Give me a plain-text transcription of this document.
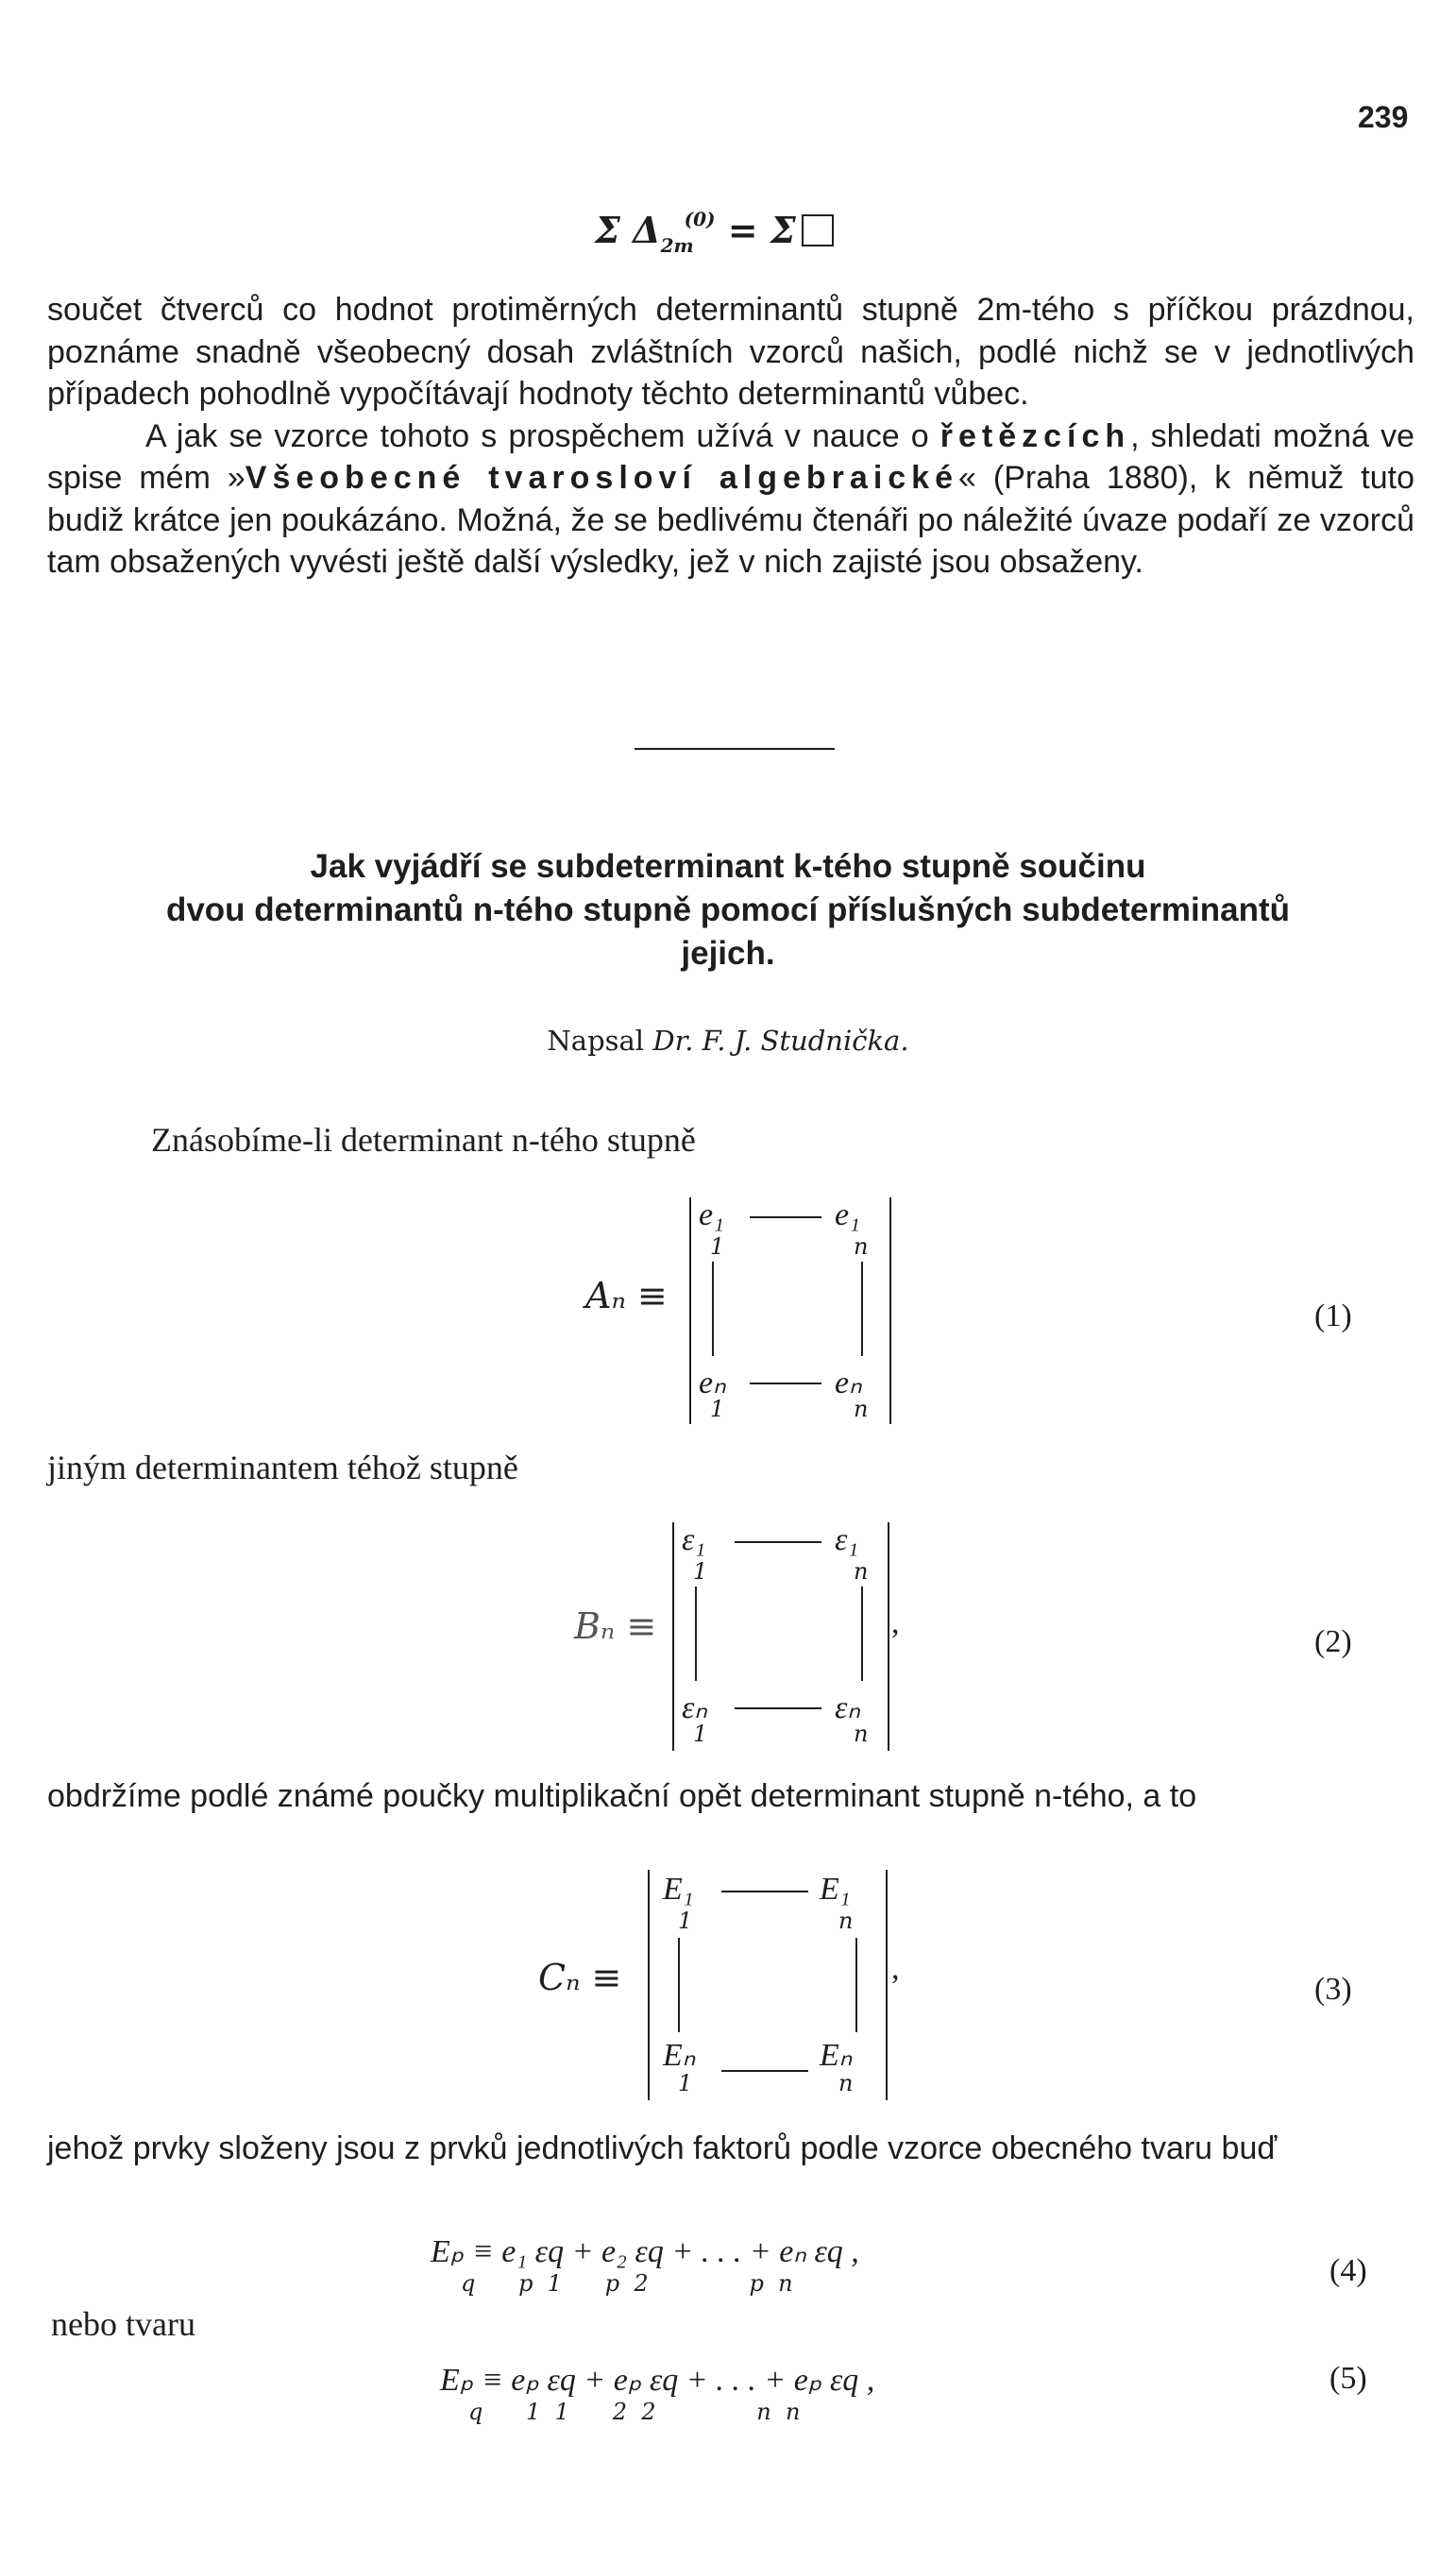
239
Σ $\Delta_{2m}^{(0)} = \Sigma$

součet čtverců co hodnot protiměrných determinantů stupně 2m-tého s příčkou prázdnou, poznáme snadně všeobecný dosah zvláštních vzorců našich, podlé nichž se v jednotlivých případech pohodlně vypočítávají hodnoty těchto determinantů vůbec.

A jak se vzorce tohoto s prospěchem užívá v nauce o řetězcích, shledati možná ve spise mém »Všeobecné tvarosloví algebraické« (Praha 1880), k němuž tuto budiž krátce jen poukázáno. Možná, že se bedlivému čtenáři po náležité úvaze podaří ze vzorců tam obsažených vyvésti ještě další výsledky, jež v nich zajisté jsou obsaženy.

Jak vyjádří se subdeterminant k-tého stupně součinu

dvou determinantů n-tého stupně pomocí příslušných subdeterminantů

jejich.

Napsal Dr. F. J. Studnička.
Znásobíme-li determinant n-tého stupně
Aₙ ≡
e₁	e₁
1	n
eₙ	eₙ
1	n
(1)
jiným determinantem téhož stupně
Bₙ ≡
ε₁	ε₁
1	n
εₙ	εₙ
1	n
,
(2)
obdržíme podlé známé poučky multiplikační opět determinant stupně n-tého, a to
Cₙ ≡
E₁	E₁
1	n
Eₙ	Eₙ
1	n
,
(3)
jehož prvky složeny jsou z prvků jednotlivých faktorů podle vzorce obecného tvaru buď
Eₚ ≡ e₁ εq + e₂ εq + . . . + eₙ εq ,
q      p  1      p  2              p  n	(4)
nebo tvaru
Eₚ ≡ eₚ εq + eₚ εq + . . . + eₚ εq ,
q      1  1      2  2              n  n
(5)
